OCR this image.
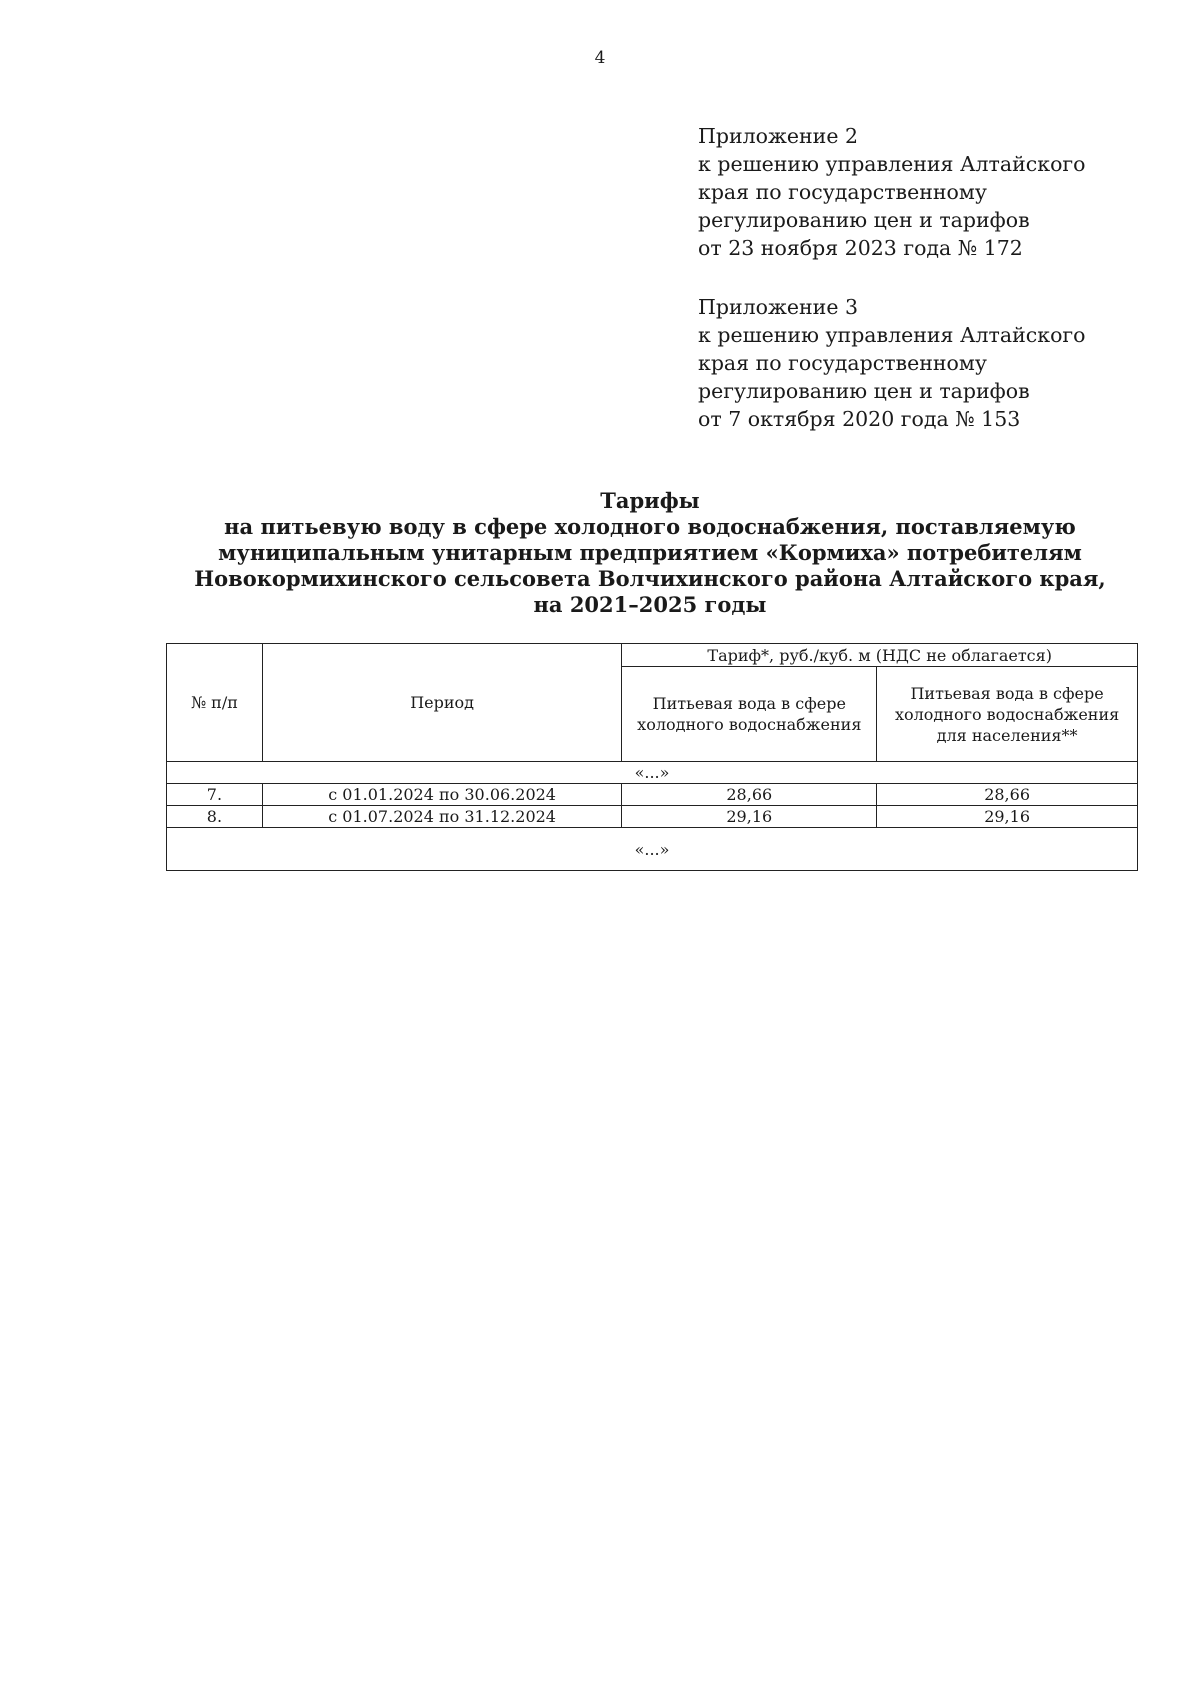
4
Приложение 2
к решению управления Алтайского
края по государственному
регулированию цен и тарифов
от 23 ноября 2023 года № 172
Приложение 3
к решению управления Алтайского
края по государственному
регулированию цен и тарифов
от 7 октября 2020 года № 153
Тарифы
на питьевую воду в сфере холодного водоснабжения, поставляемую
муниципальным унитарным предприятием «Кормиха» потребителям
Новокормихинского сельсовета Волчихинского района Алтайского края,
на 2021–2025 годы
№ п/п	Период	Тариф*, руб./куб. м (НДС не облагается)	
		Питьевая вода в сфере холодного водоснабжения	Питьевая вода в сфере холодного водоснабжения для населения**
«...»			
7.	с 01.01.2024 по 30.06.2024	28,66	28,66
8.	с 01.07.2024 по 31.12.2024	29,16	29,16
«...»			
